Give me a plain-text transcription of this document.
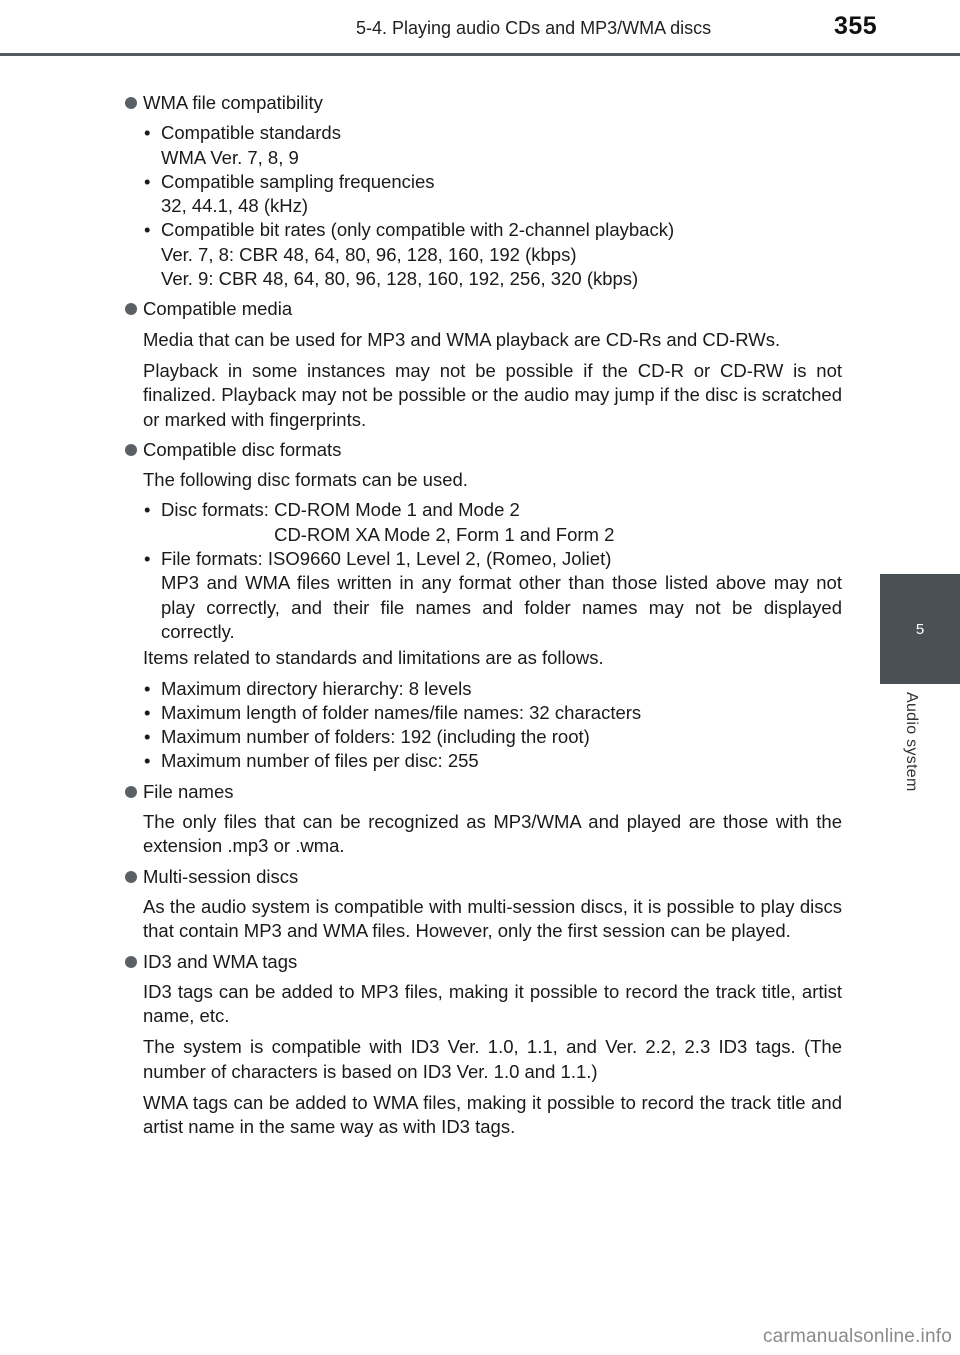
5-4. Playing audio CDs and MP3/WMA discs	355
5
Audio system
WMA file compatibility
• Compatible standards
WMA Ver. 7, 8, 9
• Compatible sampling frequencies
32, 44.1, 48 (kHz)
• Compatible bit rates (only compatible with 2-channel playback)
Ver. 7, 8: CBR 48, 64, 80, 96, 128, 160, 192 (kbps)
Ver. 9: CBR 48, 64, 80, 96, 128, 160, 192, 256, 320 (kbps)
Compatible media
Media that can be used for MP3 and WMA playback are CD-Rs and CD-RWs.
Playback in some instances may not be possible if the CD-R or CD-RW is not finalized. Playback may not be possible or the audio may jump if the disc is scratched or marked with fingerprints.
Compatible disc formats
The following disc formats can be used.
• Disc formats: CD-ROM Mode 1 and Mode 2
CD-ROM XA Mode 2, Form 1 and Form 2
• File formats: ISO9660 Level 1, Level 2, (Romeo, Joliet)
MP3 and WMA files written in any format other than those listed above may not play correctly, and their file names and folder names may not be displayed correctly.
Items related to standards and limitations are as follows.
• Maximum directory hierarchy: 8 levels
• Maximum length of folder names/file names: 32 characters
• Maximum number of folders: 192 (including the root)
• Maximum number of files per disc: 255
File names
The only files that can be recognized as MP3/WMA and played are those with the extension .mp3 or .wma.
Multi-session discs
As the audio system is compatible with multi-session discs, it is possible to play discs that contain MP3 and WMA files. However, only the first session can be played.
ID3 and WMA tags
ID3 tags can be added to MP3 files, making it possible to record the track title, artist name, etc.
The system is compatible with ID3 Ver. 1.0, 1.1, and Ver. 2.2, 2.3 ID3 tags. (The number of characters is based on ID3 Ver. 1.0 and 1.1.)
WMA tags can be added to WMA files, making it possible to record the track title and artist name in the same way as with ID3 tags.
carmanualsonline.info
